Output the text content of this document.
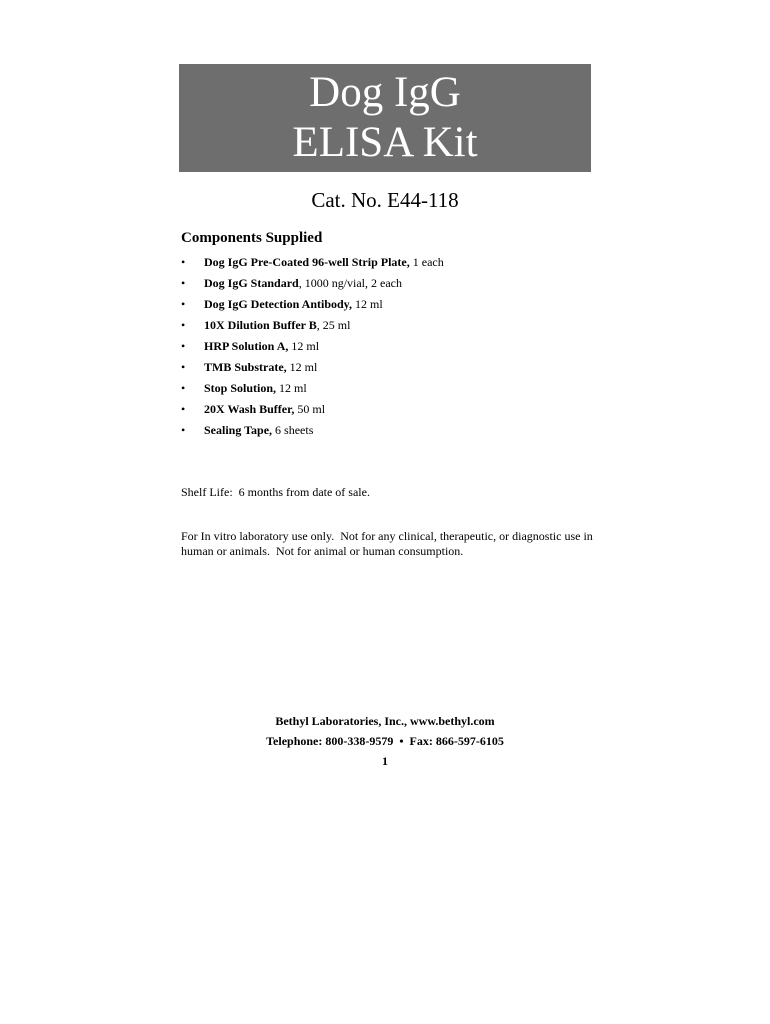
Dog IgG
ELISA Kit
Cat. No. E44-118
Components Supplied
• Dog IgG Pre-Coated 96-well Strip Plate, 1 each
• Dog IgG Standard, 1000 ng/vial, 2 each
• Dog IgG Detection Antibody, 12 ml
• 10X Dilution Buffer B, 25 ml
• HRP Solution A, 12 ml
• TMB Substrate, 12 ml
• Stop Solution, 12 ml
• 20X Wash Buffer, 50 ml
• Sealing Tape, 6 sheets
Shelf Life:  6 months from date of sale.
For In vitro laboratory use only.  Not for any clinical, therapeutic, or diagnostic use in human or animals.  Not for animal or human consumption.
Bethyl Laboratories, Inc., www.bethyl.com
Telephone: 800-338-9579  •  Fax: 866-597-6105
1
